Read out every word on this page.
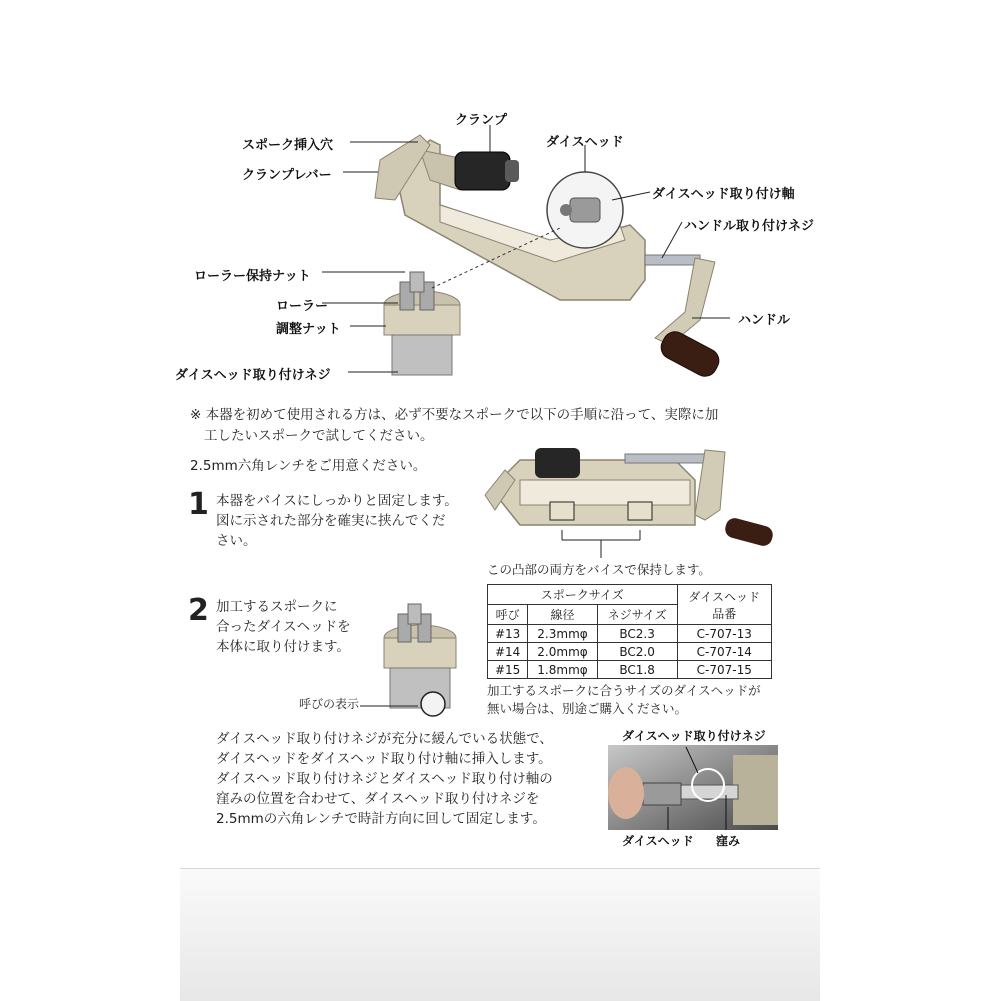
スポーク挿入穴
クランプ
クランプレバー
ダイスヘッド
ダイスヘッド取り付け軸
ハンドル取り付けネジ
ローラー保持ナット
ローラー
調整ナット
ハンドル
ダイスヘッド取り付けネジ
※ 本器を初めて使用される方は、必ず不要なスポークで以下の手順に沿って、実際に加
工したいスポークで試してください。
2.5mm六角レンチをご用意ください。
1 本器をバイスにしっかりと固定します。
図に示された部分を確実に挟んでくだ
さい。
この凸部の両方をバイスで保持します。
2 加工するスポークに
合ったダイスヘッドを
本体に取り付けます。
呼びの表示
スポークサイズ			ダイスヘッド
品番
呼び	線径	ネジサイズ	
#13	2.3mmφ	BC2.3	C-707-13
#14	2.0mmφ	BC2.0	C-707-14
#15	1.8mmφ	BC1.8	C-707-15
加工するスポークに合うサイズのダイスヘッドが
無い場合は、別途ご購入ください。
ダイスヘッド取り付けネジが充分に緩んでいる状態で、
ダイスヘッドをダイスヘッド取り付け軸に挿入します。
ダイスヘッド取り付けネジとダイスヘッド取り付け軸の
窪みの位置を合わせて、ダイスヘッド取り付けネジを
2.5mmの六角レンチで時計方向に回して固定します。
ダイスヘッド取り付けネジ
ダイスヘッド 窪み
